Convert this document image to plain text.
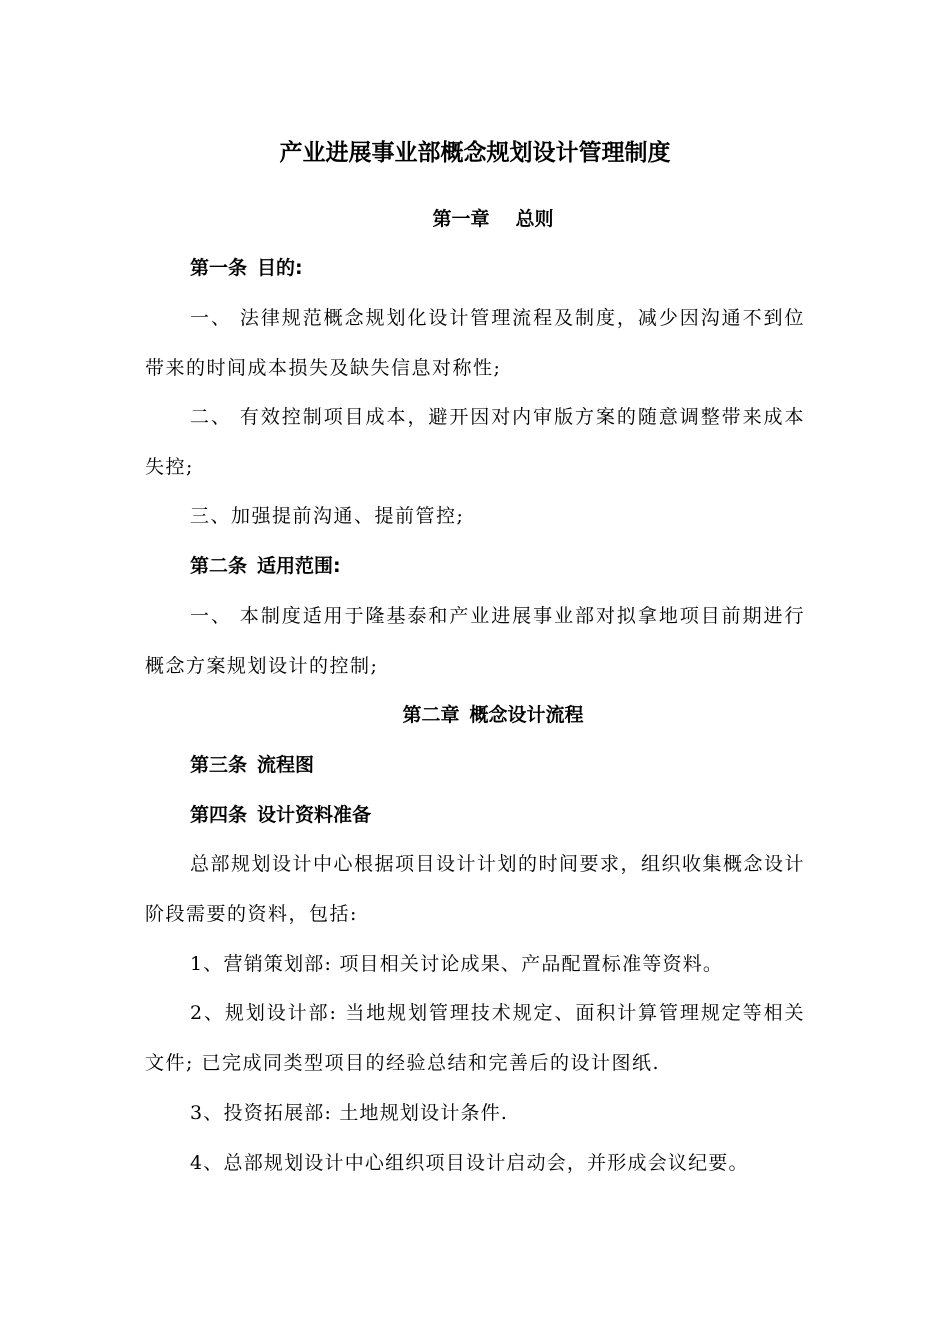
产业进展事业部概念规划设计管理制度
第一章 总则
第一条 目的:

一、 法律规范概念规划化设计管理流程及制度，减少因沟通不到位带来的时间成本损失及缺失信息对称性;

二、 有效控制项目成本，避开因对内审版方案的随意调整带来成本失控;

三、加强提前沟通、提前管控;

第二条 适用范围:

一、 本制度适用于隆基泰和产业进展事业部对拟拿地项目前期进行概念方案规划设计的控制;

第二章 概念设计流程
第三条 流程图
第四条 设计资料准备

总部规划设计中心根据项目设计计划的时间要求，组织收集概念设计阶段需要的资料，包括:

1、营销策划部: 项目相关讨论成果、产品配置标准等资料。

2、规划设计部: 当地规划管理技术规定、面积计算管理规定等相关文件; 已完成同类型项目的经验总结和完善后的设计图纸.

3、投资拓展部: 土地规划设计条件.

4、总部规划设计中心组织项目设计启动会，并形成会议纪要。
